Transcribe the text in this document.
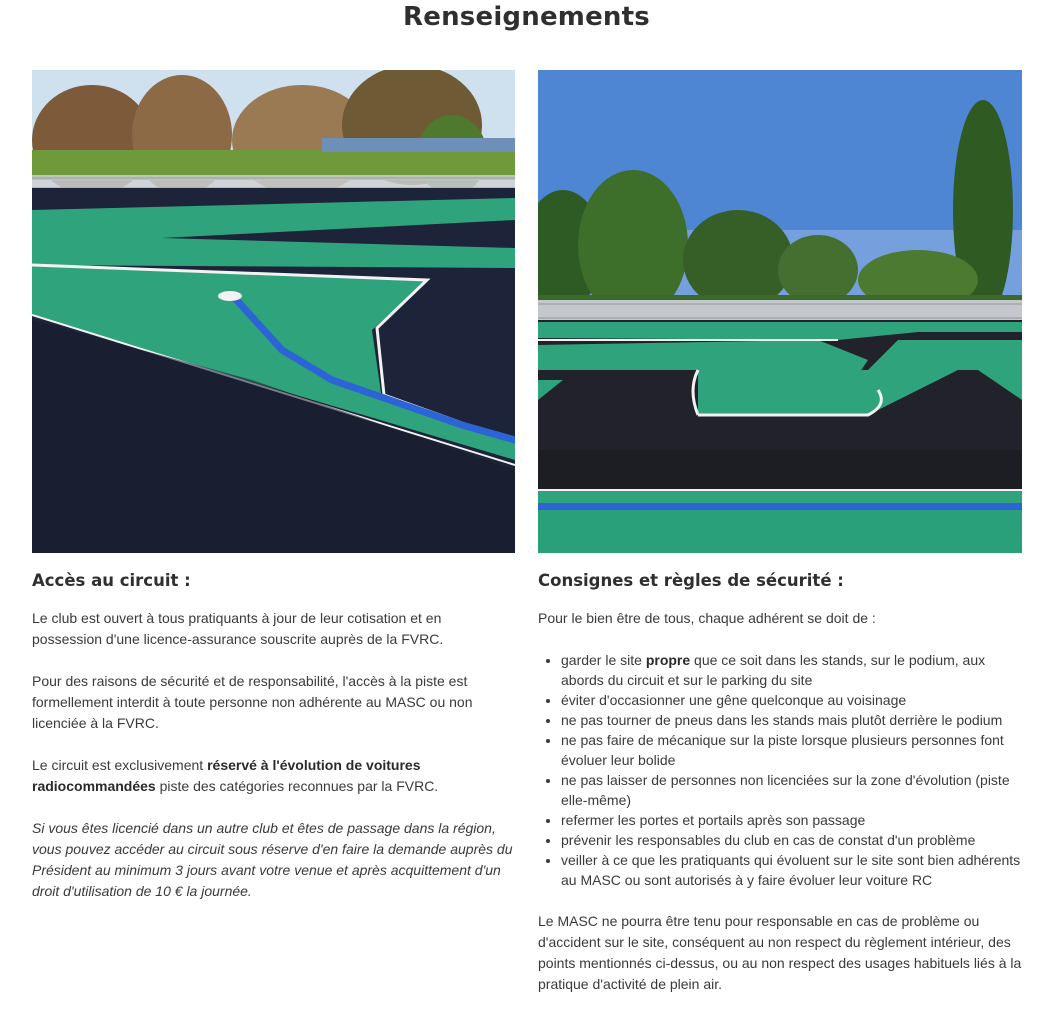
Renseignements
Accès au circuit :

Le club est ouvert à tous pratiquants à jour de leur cotisation et en possession d'une licence-assurance souscrite auprès de la FVRC.

Pour des raisons de sécurité et de responsabilité, l'accès à la piste est formellement interdit à toute personne non adhérente au MASC ou non licenciée à la FVRC.

Le circuit est exclusivement réservé à l'évolution de voitures radiocommandées piste des catégories reconnues par la FVRC.

Si vous êtes licencié dans un autre club et êtes de passage dans la région, vous pouvez accéder au circuit sous réserve d'en faire la demande auprès du Président au minimum 3 jours avant votre venue et après acquittement d'un droit d'utilisation de 10 € la journée.

Consignes et règles de sécurité :

Pour le bien être de tous, chaque adhérent se doit de :

• garder le site propre que ce soit dans les stands, sur le podium, aux abords du circuit et sur le parking du site
• éviter d'occasionner une gêne quelconque au voisinage
• ne pas tourner de pneus dans les stands mais plutôt derrière le podium
• ne pas faire de mécanique sur la piste lorsque plusieurs personnes font évoluer leur bolide
• ne pas laisser de personnes non licenciées sur la zone d'évolution (piste elle-même)
• refermer les portes et portails après son passage
• prévenir les responsables du club en cas de constat d'un problème
• veiller à ce que les pratiquants qui évoluent sur le site sont bien adhérents au MASC ou sont autorisés à y faire évoluer leur voiture RC

Le MASC ne pourra être tenu pour responsable en cas de problème ou d'accident sur le site, conséquent au non respect du règlement intérieur, des points mentionnés ci-dessus, ou au non respect des usages habituels liés à la pratique d'activité de plein air.
